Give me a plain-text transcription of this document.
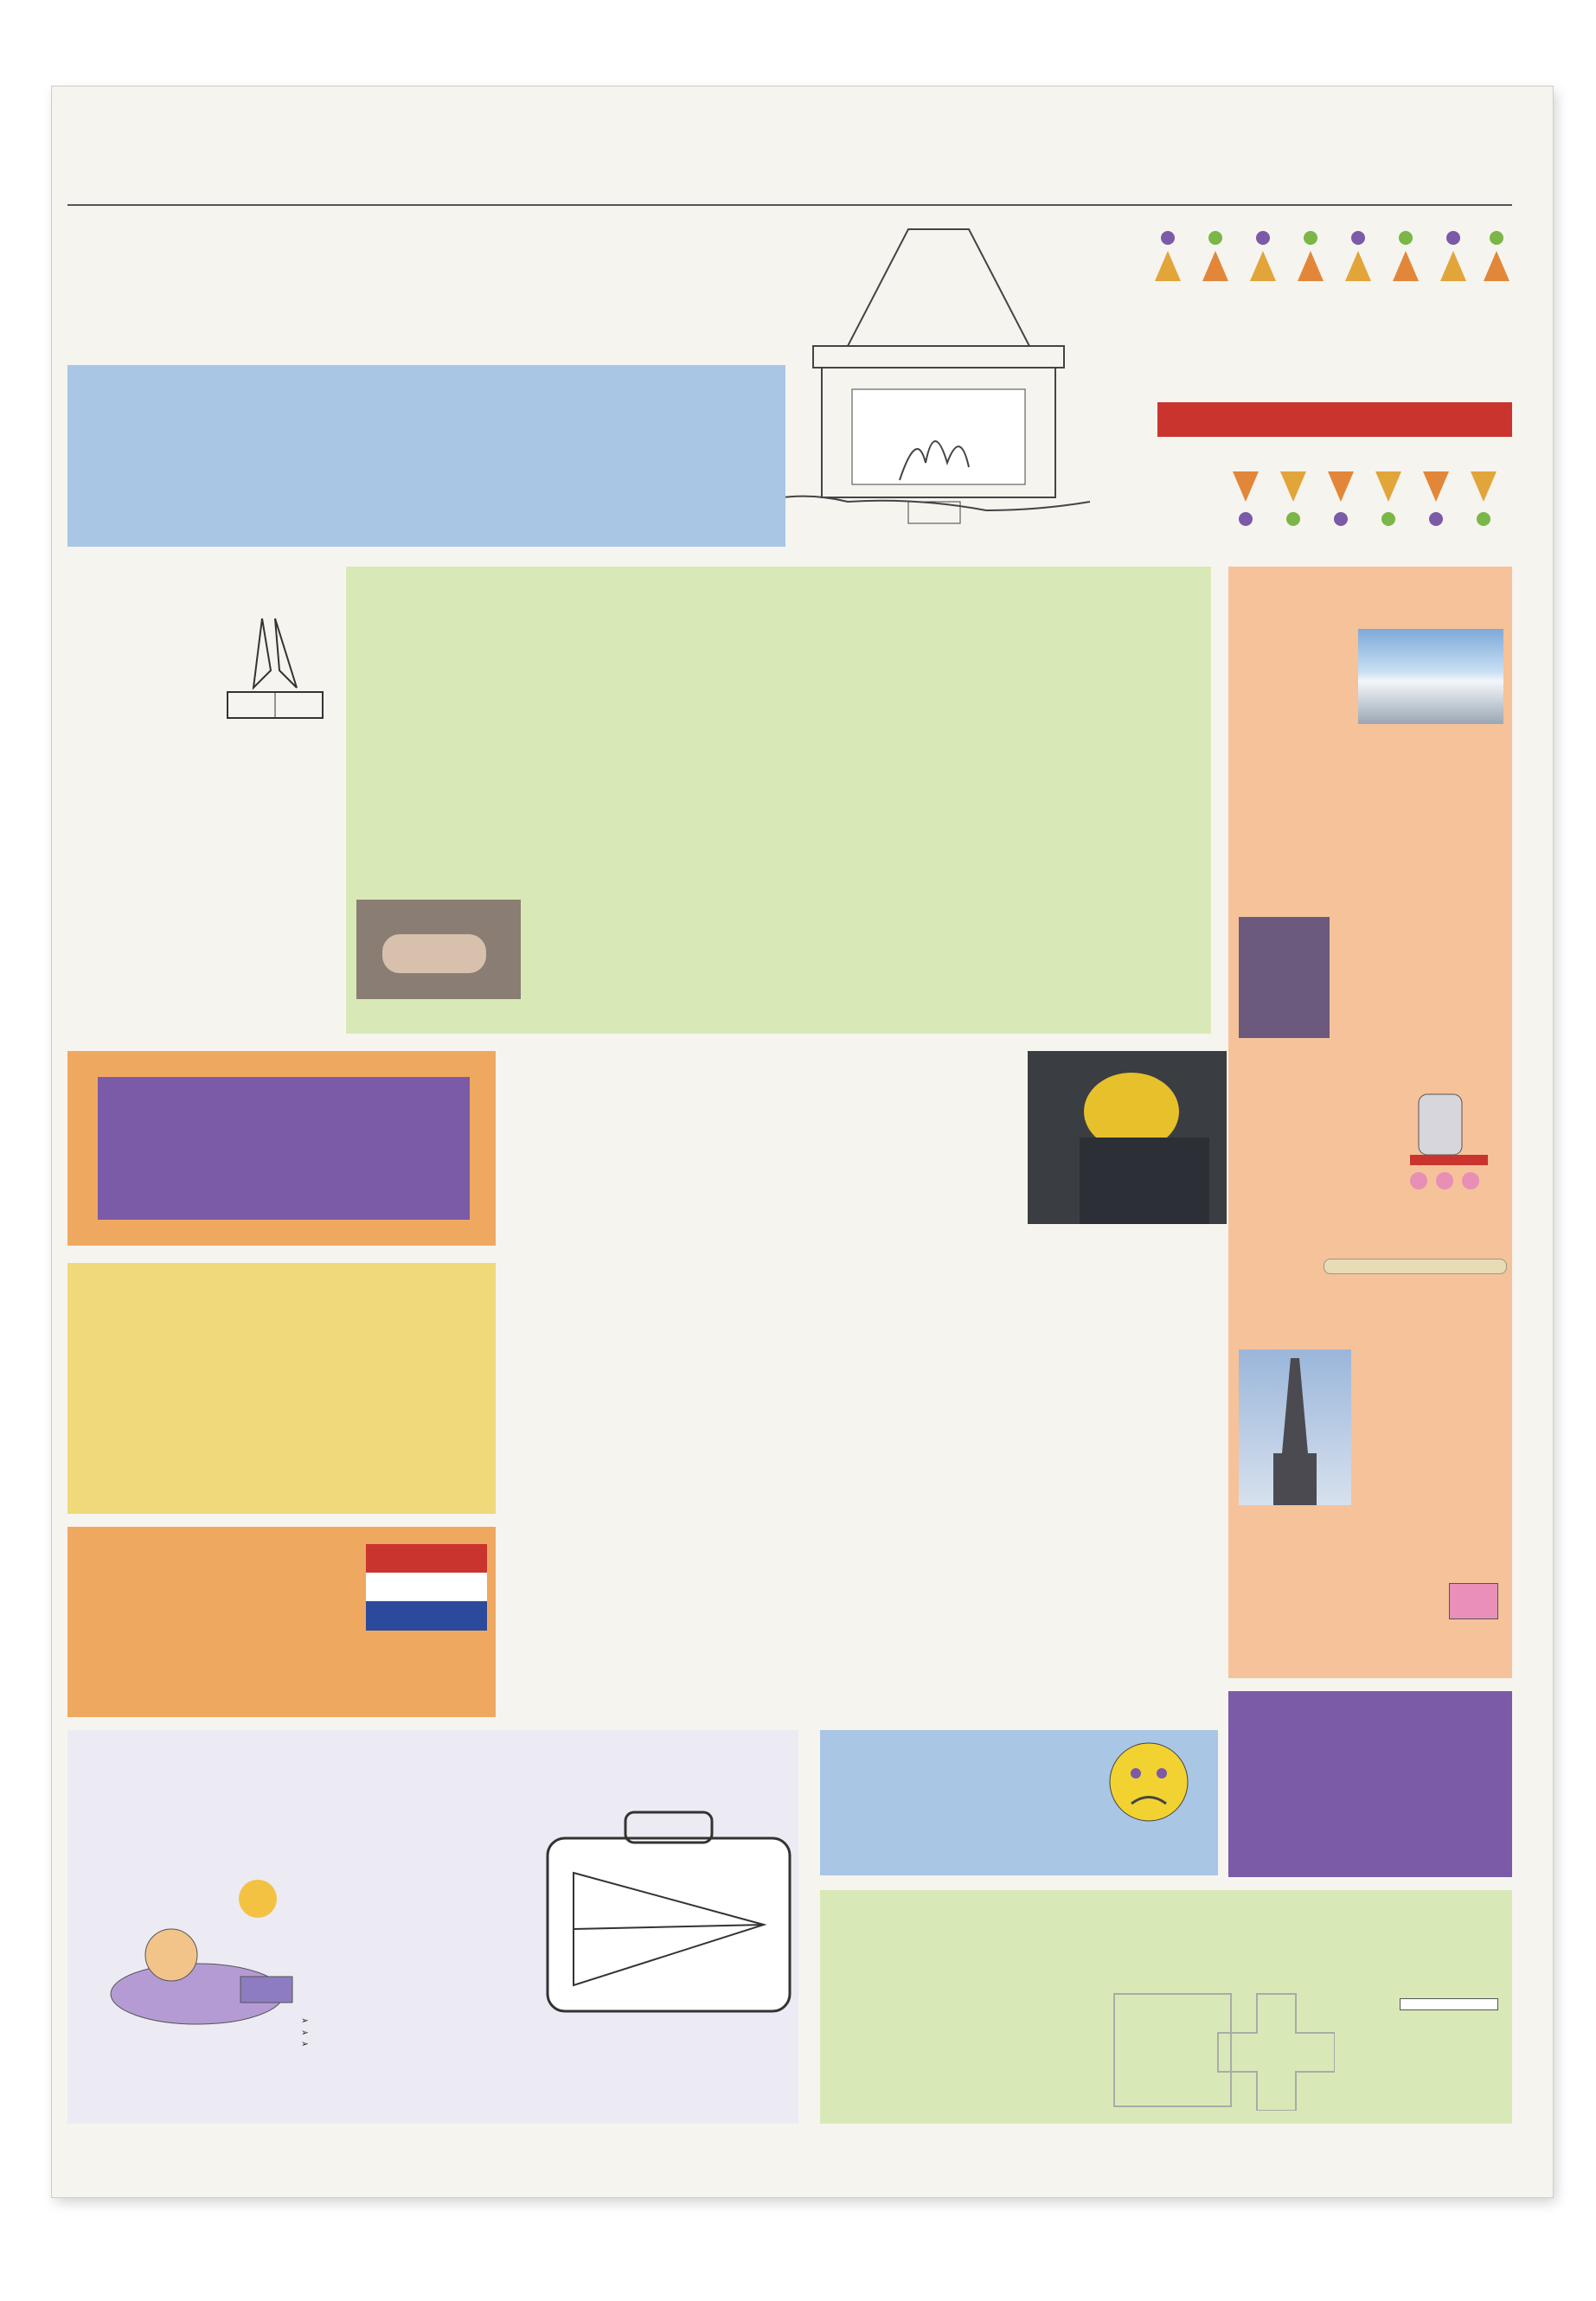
➢
➢
➢
